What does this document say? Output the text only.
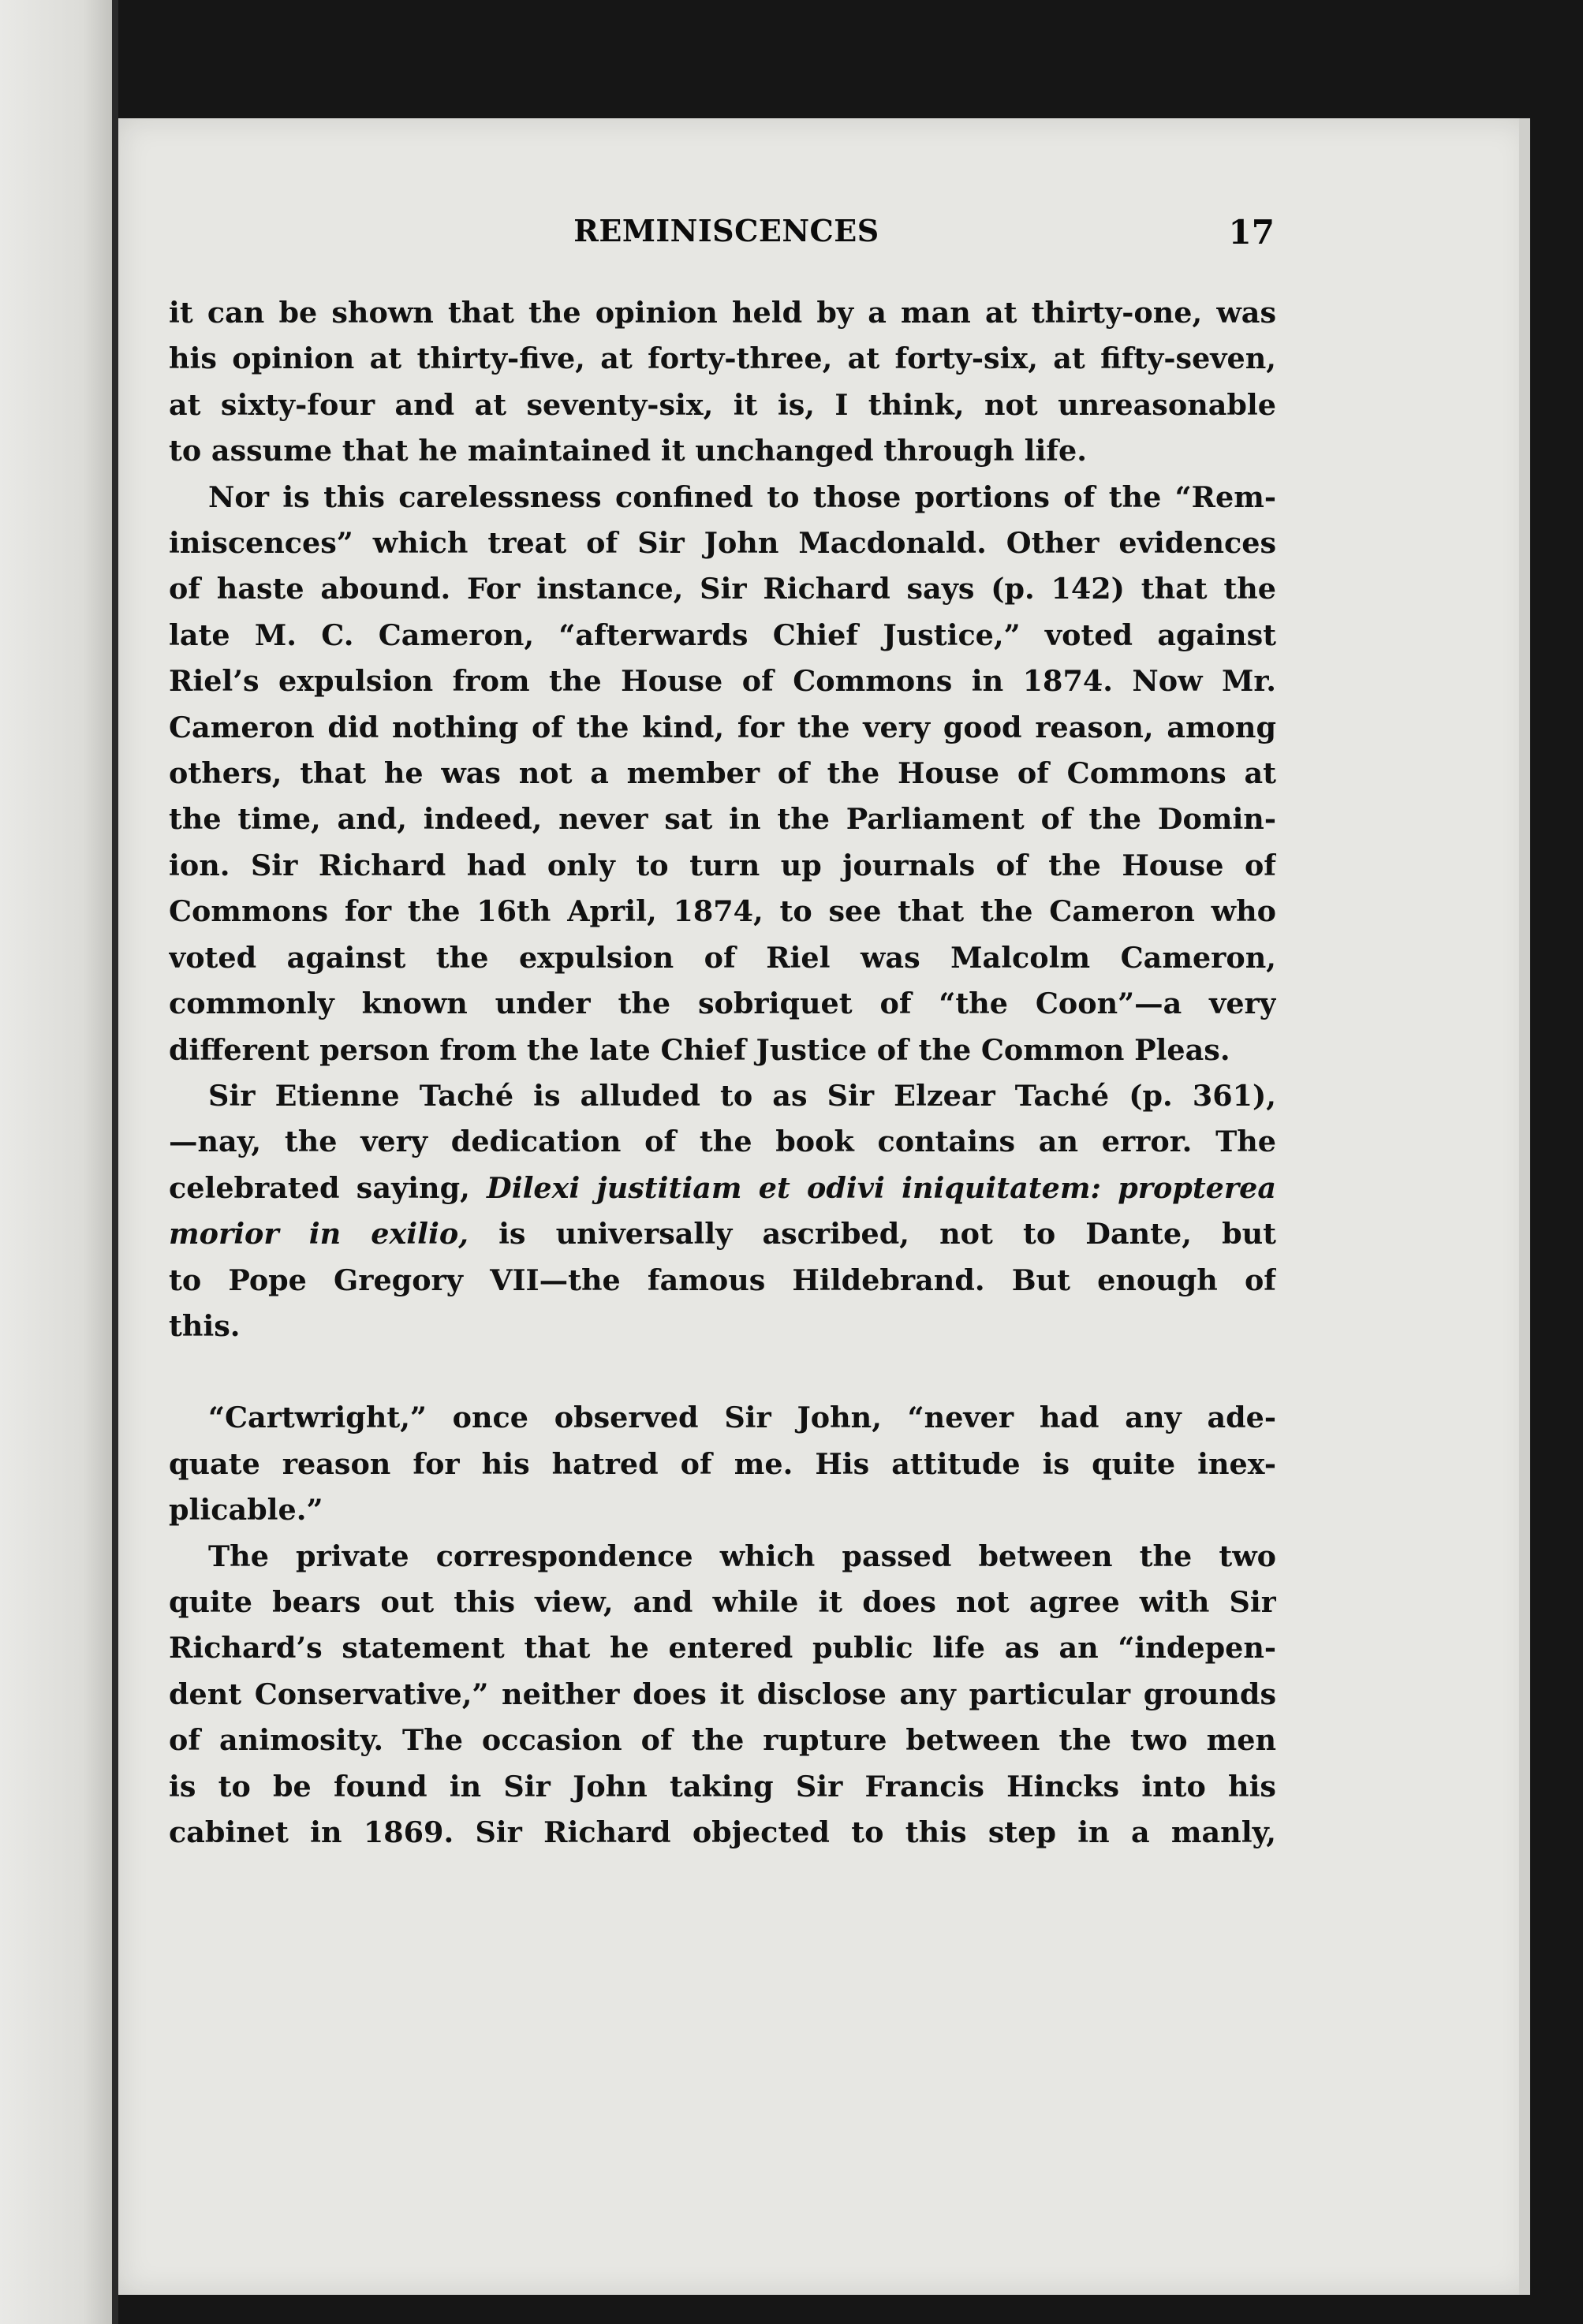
REMINISCENCES	17
it can be shown that the opinion held by a man at thirty-one, was
his opinion at thirty-five, at forty-three, at forty-six, at fifty-seven,
at sixty-four and at seventy-six, it is, I think, not unreasonable
to assume that he maintained it unchanged through life.
Nor is this carelessness confined to those portions of the “Rem-
iniscences” which treat of Sir John Macdonald. Other evidences
of haste abound. For instance, Sir Richard says (p. 142) that the
late M. C. Cameron, “afterwards Chief Justice,” voted against
Riel’s expulsion from the House of Commons in 1874. Now Mr.
Cameron did nothing of the kind, for the very good reason, among
others, that he was not a member of the House of Commons at
the time, and, indeed, never sat in the Parliament of the Domin-
ion. Sir Richard had only to turn up journals of the House of
Commons for the 16th April, 1874, to see that the Cameron who
voted against the expulsion of Riel was Malcolm Cameron,
commonly known under the sobriquet of “the Coon”—a very
different person from the late Chief Justice of the Common Pleas.
Sir Etienne Taché is alluded to as Sir Elzear Taché (p. 361),
—nay, the very dedication of the book contains an error. The
celebrated saying, Dilexi justitiam et odivi iniquitatem: propterea
morior in exilio, is universally ascribed, not to Dante, but
to Pope Gregory VII—the famous Hildebrand. But enough of
this.
“Cartwright,” once observed Sir John, “never had any ade-
quate reason for his hatred of me. His attitude is quite inex-
plicable.”
The private correspondence which passed between the two
quite bears out this view, and while it does not agree with Sir
Richard’s statement that he entered public life as an “indepen-
dent Conservative,” neither does it disclose any particular grounds
of animosity. The occasion of the rupture between the two men
is to be found in Sir John taking Sir Francis Hincks into his
cabinet in 1869. Sir Richard objected to this step in a manly,
